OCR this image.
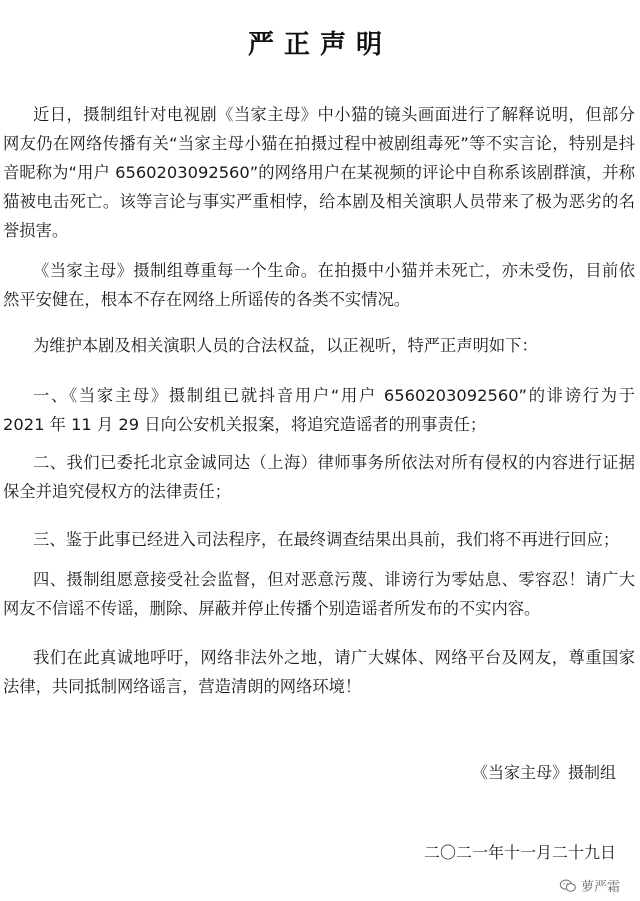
严正声明

近日，摄制组针对电视剧《当家主母》中小猫的镜头画面进行了解释说明，但部分网友仍在网络传播有关“当家主母小猫在拍摄过程中被剧组毒死”等不实言论，特别是抖音昵称为“用户 6560203092560”的网络用户在某视频的评论中自称系该剧群演，并称猫被电击死亡。该等言论与事实严重相悖，给本剧及相关演职人员带来了极为恶劣的名誉损害。

《当家主母》摄制组尊重每一个生命。在拍摄中小猫并未死亡，亦未受伤，目前依然平安健在，根本不存在网络上所谣传的各类不实情况。

为维护本剧及相关演职人员的合法权益，以正视听，特严正声明如下：

一、《当家主母》摄制组已就抖音用户“用户 6560203092560”的诽谤行为于 2021 年 11 月 29 日向公安机关报案，将追究造谣者的刑事责任；

二、我们已委托北京金诚同达（上海）律师事务所依法对所有侵权的内容进行证据保全并追究侵权方的法律责任；

三、鉴于此事已经进入司法程序，在最终调查结果出具前，我们将不再进行回应；

四、摄制组愿意接受社会监督，但对恶意污蔑、诽谤行为零姑息、零容忍！请广大网友不信谣不传谣，删除、屏蔽并停止传播个别造谣者所发布的不实内容。

我们在此真诚地呼吁，网络非法外之地，请广大媒体、网络平台及网友，尊重国家法律，共同抵制网络谣言，营造清朗的网络环境！

《当家主母》摄制组

二〇二一年十一月二十九日

萝严霜
